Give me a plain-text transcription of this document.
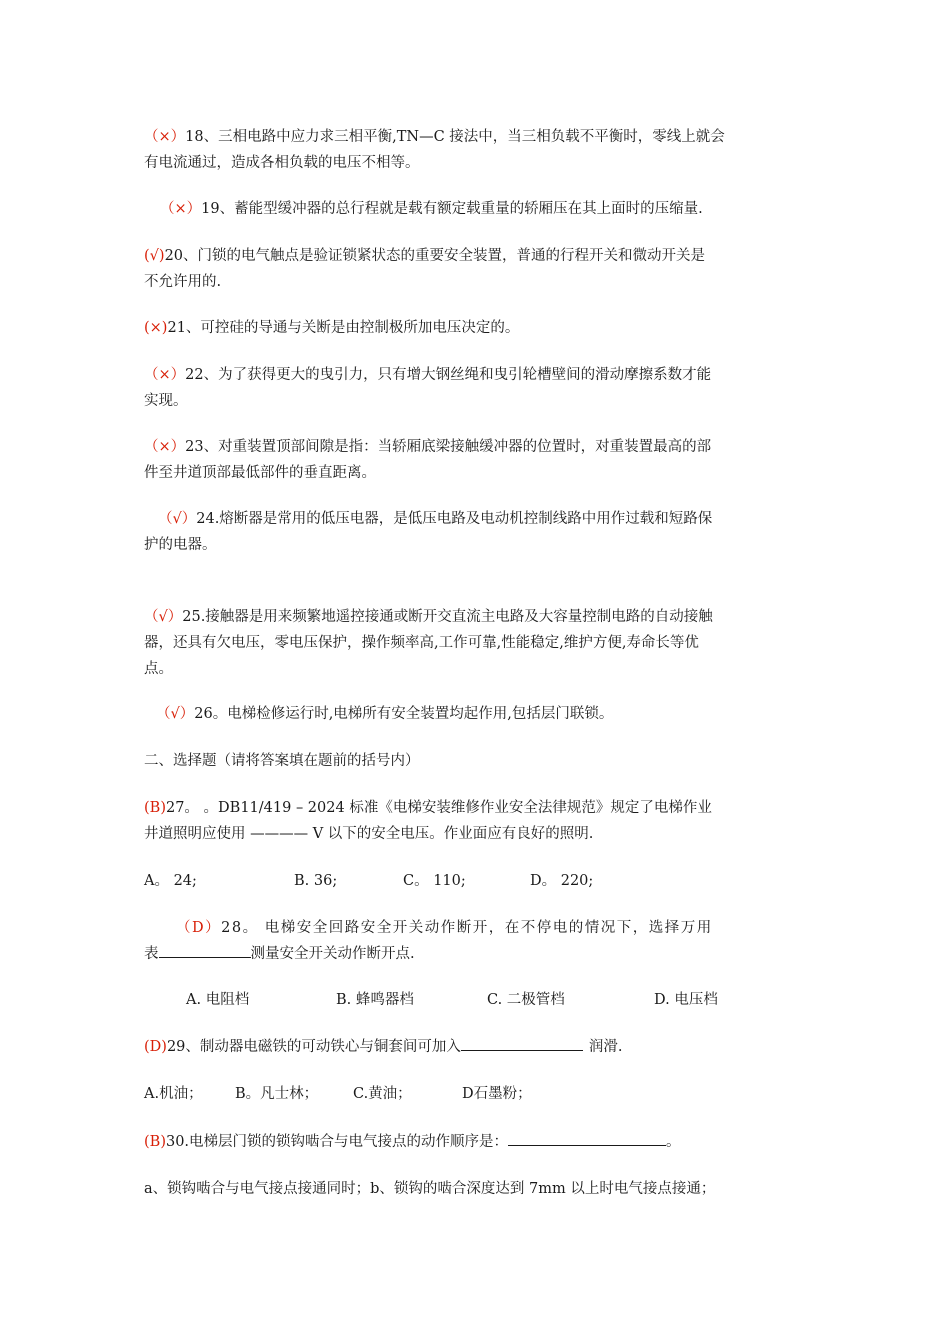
（×）18、三相电路中应力求三相平衡,TN—C 接法中，当三相负载不平衡时，零线上就会
有电流通过，造成各相负载的电压不相等。
（×）19、蓄能型缓冲器的总行程就是载有额定载重量的轿厢压在其上面时的压缩量.
(√)20、门锁的电气触点是验证锁紧状态的重要安全装置，普通的行程开关和微动开关是
不允许用的.
(×)21、可控硅的导通与关断是由控制极所加电压决定的。
（×）22、为了获得更大的曳引力，只有增大钢丝绳和曳引轮槽壁间的滑动摩擦系数才能
实现。
（×）23、对重装置顶部间隙是指：当轿厢底梁接触缓冲器的位置时，对重装置最高的部
件至井道顶部最低部件的垂直距离。
（√）24.熔断器是常用的低压电器，是低压电路及电动机控制线路中用作过载和短路保
护的电器。
（√）25.接触器是用来频繁地遥控接通或断开交直流主电路及大容量控制电路的自动接触
器，还具有欠电压，零电压保护，操作频率高,工作可靠,性能稳定,维护方便,寿命长等优
点。
（√）26。电梯检修运行时,电梯所有安全装置均起作用,包括层门联锁。
二、选择题（请将答案填在题前的括号内）
(B)27。 。DB11/419 – 2024 标准《电梯安装维修作业安全法律规范》规定了电梯作业
井道照明应使用 ———— V 以下的安全电压。作业面应有良好的照明.
A。 24;	B. 36;	C。 110;	D。 220;
（D）28。 电梯安全回路安全开关动作断开，在不停电的情况下，选择万用
表	测量安全开关动作断开点.
A. 电阻档	B. 蜂鸣器档	C. 二极管档	D. 电压档
(D)29、制动器电磁铁的可动铁心与铜套间可加入	润滑.
A.机油； B。凡士林； C.黄油；	D石墨粉；
(B)30.电梯层门锁的锁钩啮合与电气接点的动作顺序是：	。
a、锁钩啮合与电气接点接通同时；b、锁钩的啮合深度达到 7mm 以上时电气接点接通；
